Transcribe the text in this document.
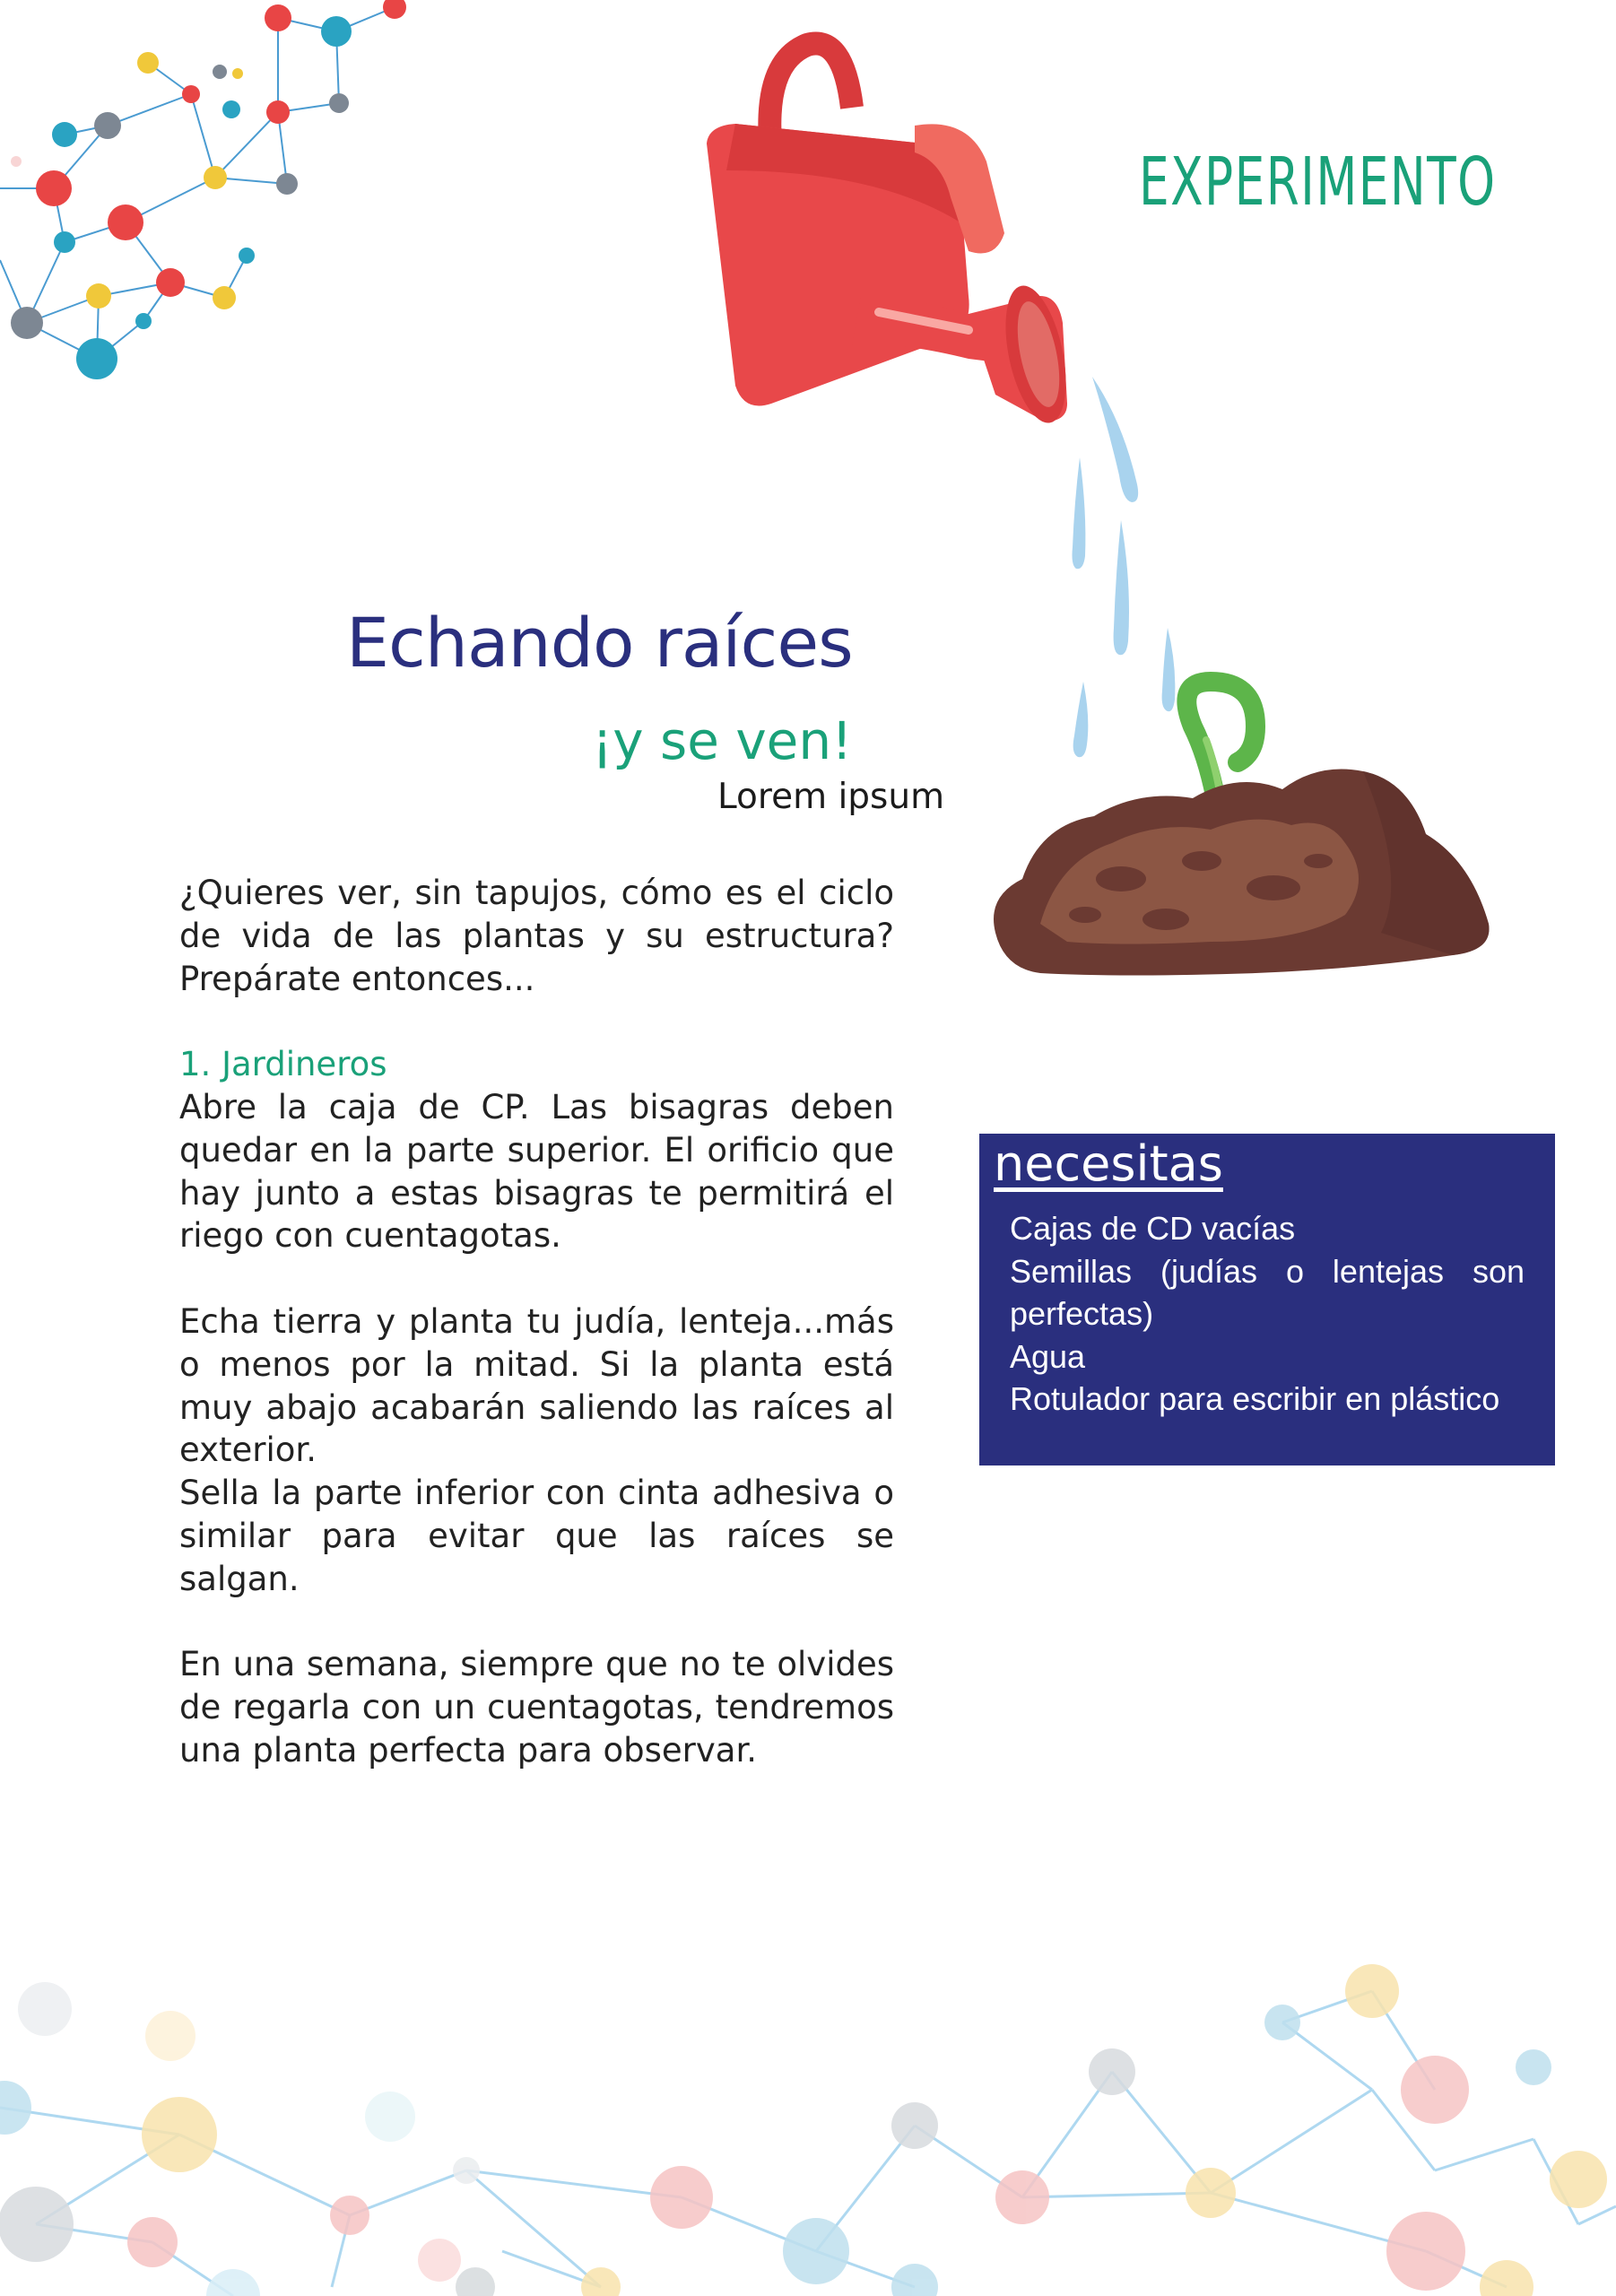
EXPERIMENTO
Echando raíces
¡y se ven!
Lorem ipsum

¿Quieres ver, sin tapujos, cómo es el ciclo de vida de las plantas y su estructura? Prepárate entonces...

1. Jardineros

Abre la caja de CP. Las bisagras deben quedar en la parte superior. El orificio que hay junto a estas bisagras te permitirá el riego con cuentagotas.

Echa tierra y planta tu judía, lenteja...más o menos por la mitad. Si la planta está muy abajo acabarán saliendo las raíces al exterior.

Sella la parte inferior con cinta adhesiva o similar para evitar que las raíces se salgan.

En una semana, siempre que no te olvides de regarla con un cuentagotas, tendremos una planta perfecta para observar.

necesitas
Cajas de CD vacías
Semillas (judías o lentejas son perfectas)
Agua
Rotulador para escribir en plástico
